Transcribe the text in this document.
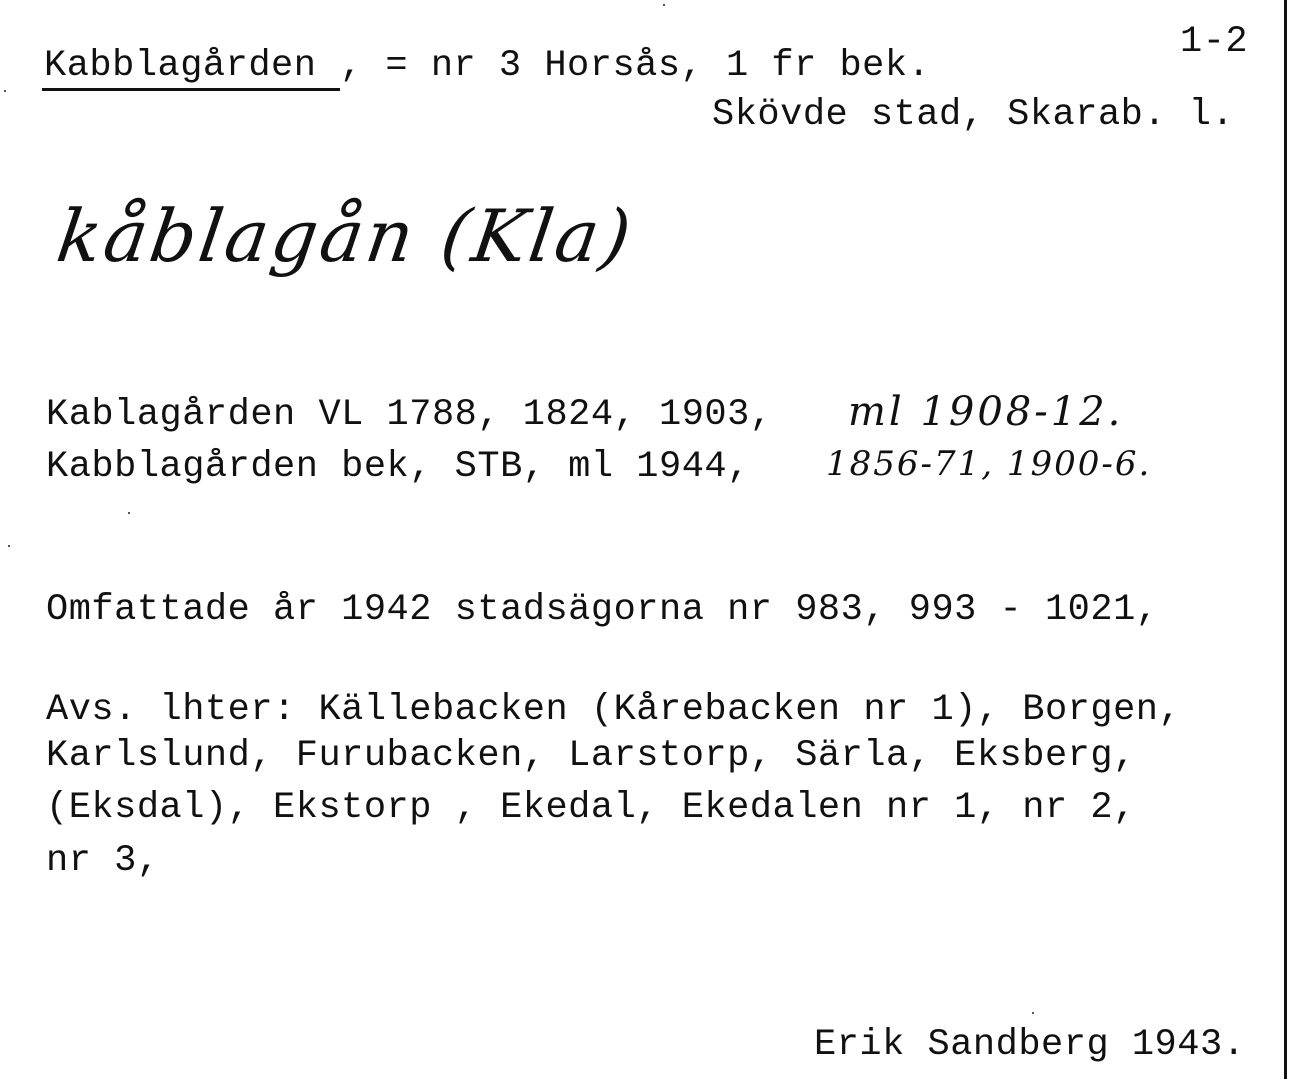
1-2
Kabblagården , = nr 3 Horsås, 1 fr bek.
Skövde stad, Skarab. l.
kåblagån (Kla)
Kablagården VL 1788, 1824, 1903, ml 1908-12.
Kabblagården bek, STB, ml 1944, 1856-71, 1900-6.
Omfattade år 1942 stadsägorna nr 983, 993 - 1021,
Avs. lhter: Källebacken (Kårebacken nr 1), Borgen,
Karlslund, Furubacken, Larstorp, Särla, Eksberg,
(Eksdal), Ekstorp , Ekedal, Ekedalen nr 1, nr 2,
nr 3,
Erik Sandberg 1943.
